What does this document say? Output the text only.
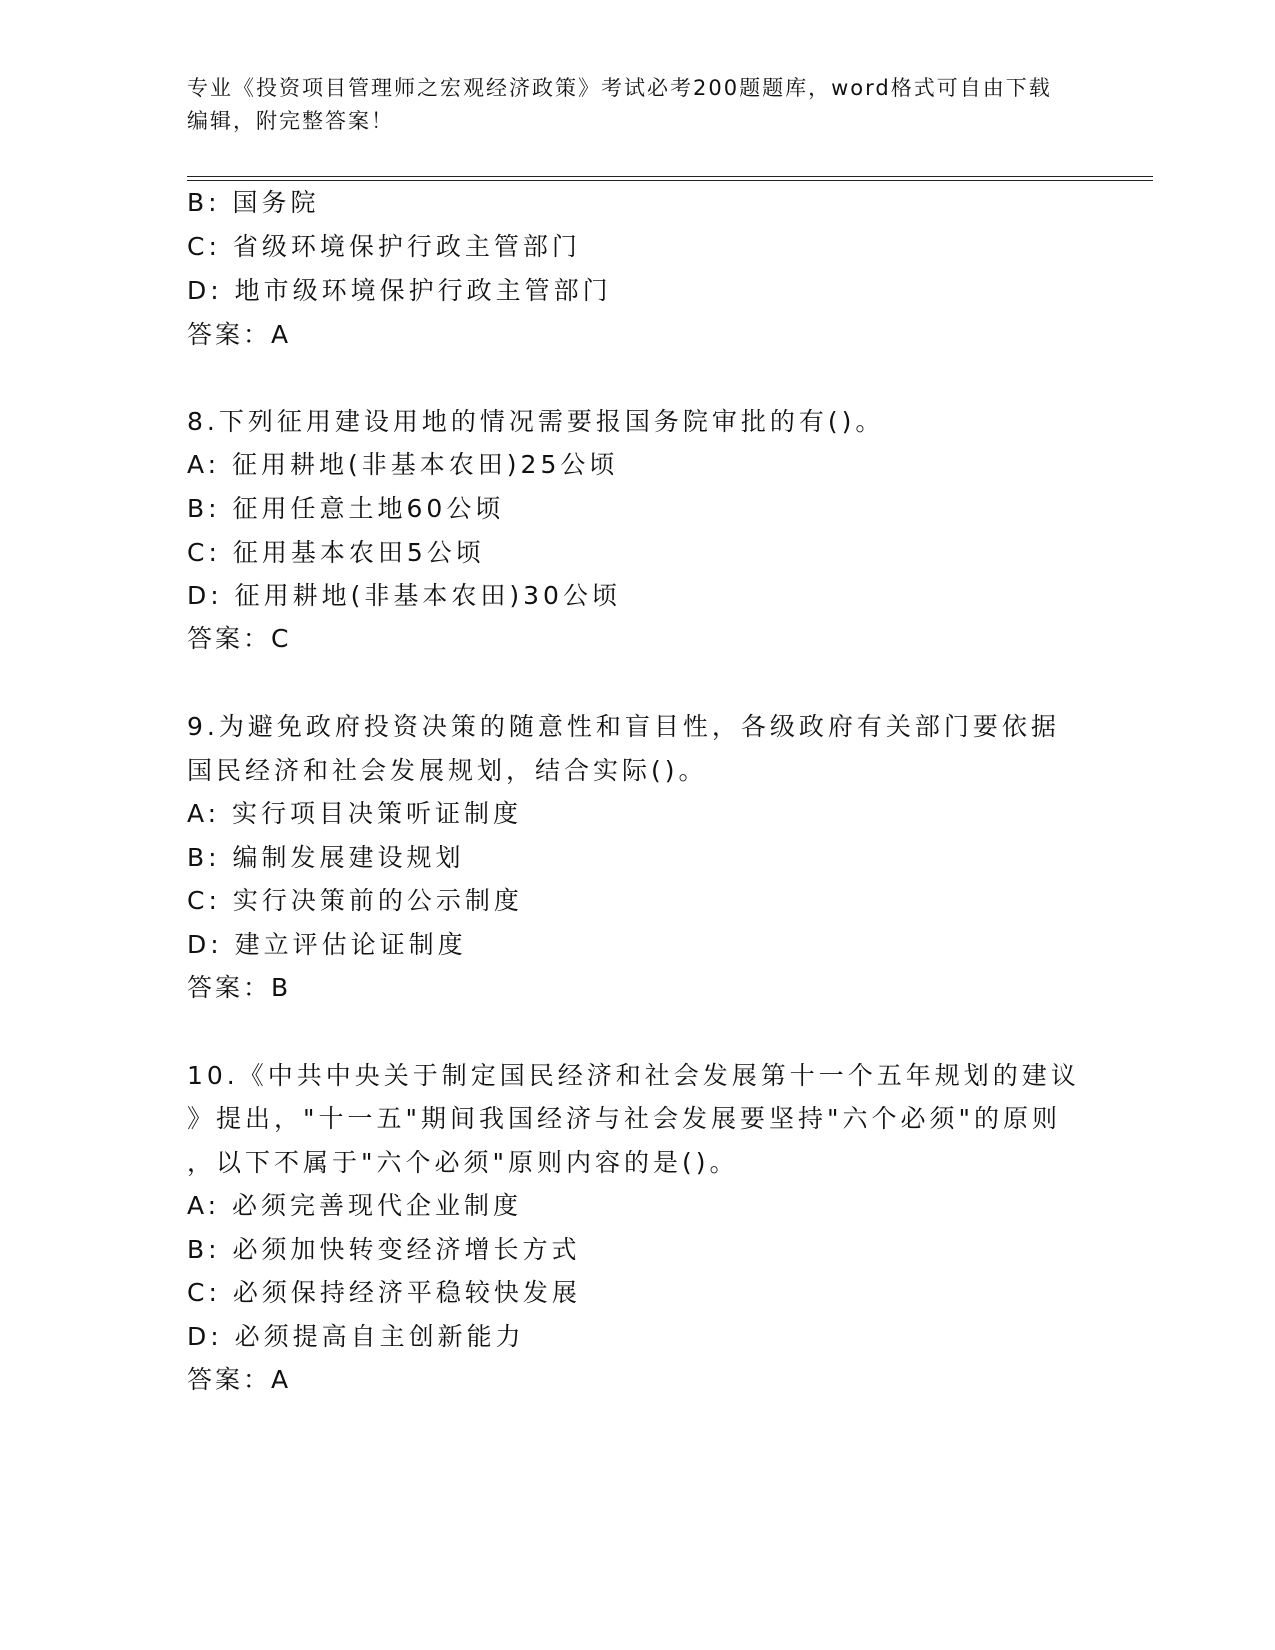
专业《投资项目管理师之宏观经济政策》考试必考200题题库，word格式可自由下载编辑，附完整答案！
B: 国务院
C: 省级环境保护行政主管部门
D: 地市级环境保护行政主管部门
答案：A
8.下列征用建设用地的情况需要报国务院审批的有()。
A: 征用耕地(非基本农田)25公顷
B: 征用任意土地60公顷
C: 征用基本农田5公顷
D: 征用耕地(非基本农田)30公顷
答案：C
9.为避免政府投资决策的随意性和盲目性，各级政府有关部门要依据
国民经济和社会发展规划，结合实际()。
A: 实行项目决策听证制度
B: 编制发展建设规划
C: 实行决策前的公示制度
D: 建立评估论证制度
答案：B
10.《中共中央关于制定国民经济和社会发展第十一个五年规划的建议
》提出，"十一五"期间我国经济与社会发展要坚持"六个必须"的原则
，以下不属于"六个必须"原则内容的是()。
A: 必须完善现代企业制度
B: 必须加快转变经济增长方式
C: 必须保持经济平稳较快发展
D: 必须提高自主创新能力
答案：A
